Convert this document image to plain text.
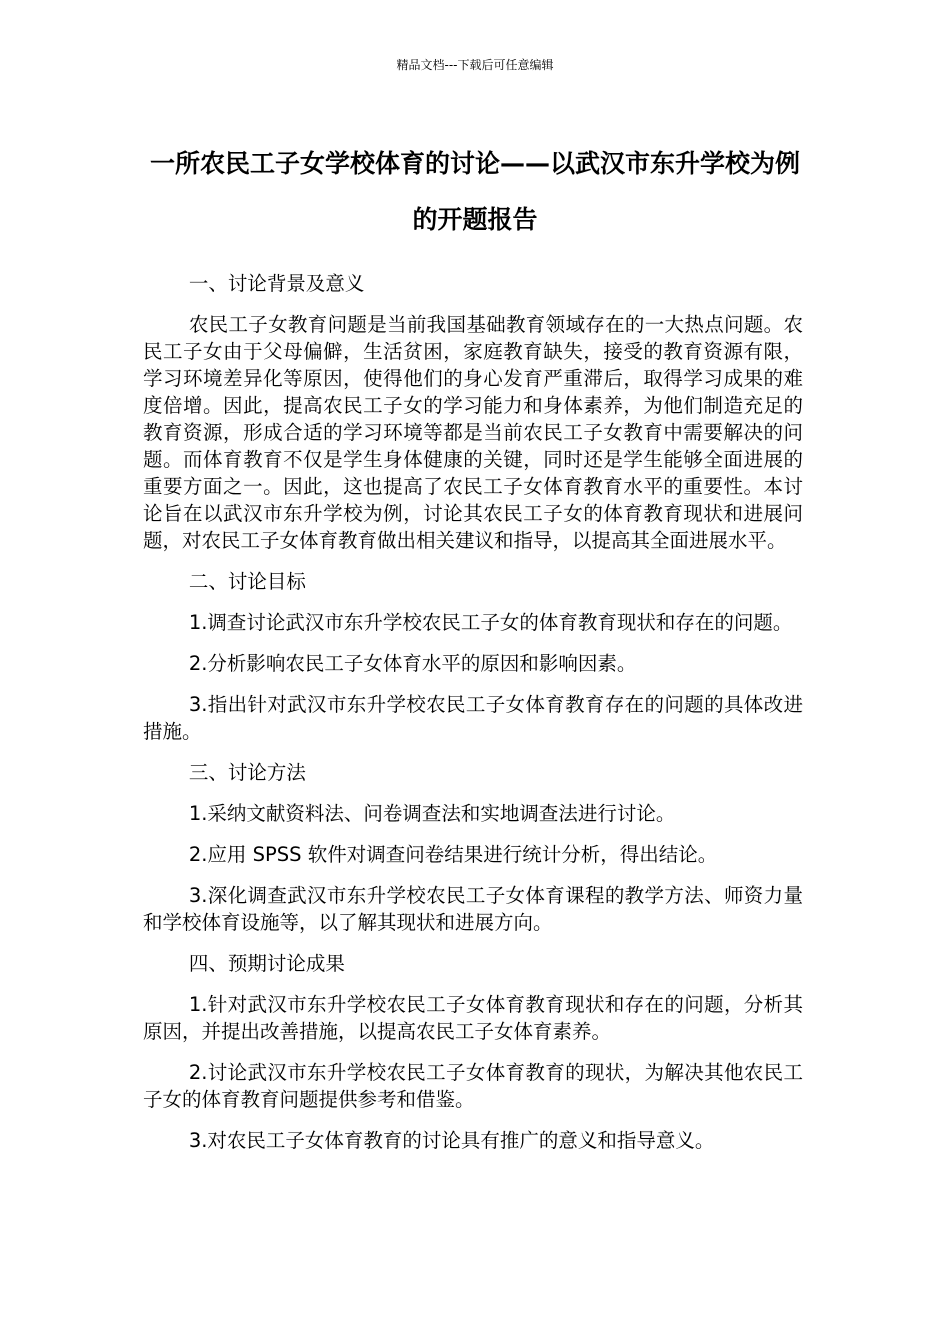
精品文档---下载后可任意编辑
一所农民工子女学校体育的讨论——以武汉市东升学校为例的开题报告

一、讨论背景及意义

农民工子女教育问题是当前我国基础教育领域存在的一大热点问题。农民工子女由于父母偏僻，生活贫困，家庭教育缺失，接受的教育资源有限，学习环境差异化等原因，使得他们的身心发育严重滞后，取得学习成果的难度倍增。因此，提高农民工子女的学习能力和身体素养，为他们制造充足的教育资源，形成合适的学习环境等都是当前农民工子女教育中需要解决的问题。而体育教育不仅是学生身体健康的关键，同时还是学生能够全面进展的重要方面之一。因此，这也提高了农民工子女体育教育水平的重要性。本讨论旨在以武汉市东升学校为例，讨论其农民工子女的体育教育现状和进展问题，对农民工子女体育教育做出相关建议和指导，以提高其全面进展水平。

二、讨论目标

1.调查讨论武汉市东升学校农民工子女的体育教育现状和存在的问题。

2.分析影响农民工子女体育水平的原因和影响因素。

3.指出针对武汉市东升学校农民工子女体育教育存在的问题的具体改进措施。

三、讨论方法

1.采纳文献资料法、问卷调查法和实地调查法进行讨论。

2.应用 SPSS 软件对调查问卷结果进行统计分析，得出结论。

3.深化调查武汉市东升学校农民工子女体育课程的教学方法、师资力量和学校体育设施等，以了解其现状和进展方向。

四、预期讨论成果

1.针对武汉市东升学校农民工子女体育教育现状和存在的问题，分析其原因，并提出改善措施，以提高农民工子女体育素养。

2.讨论武汉市东升学校农民工子女体育教育的现状，为解决其他农民工子女的体育教育问题提供参考和借鉴。

3.对农民工子女体育教育的讨论具有推广的意义和指导意义。
